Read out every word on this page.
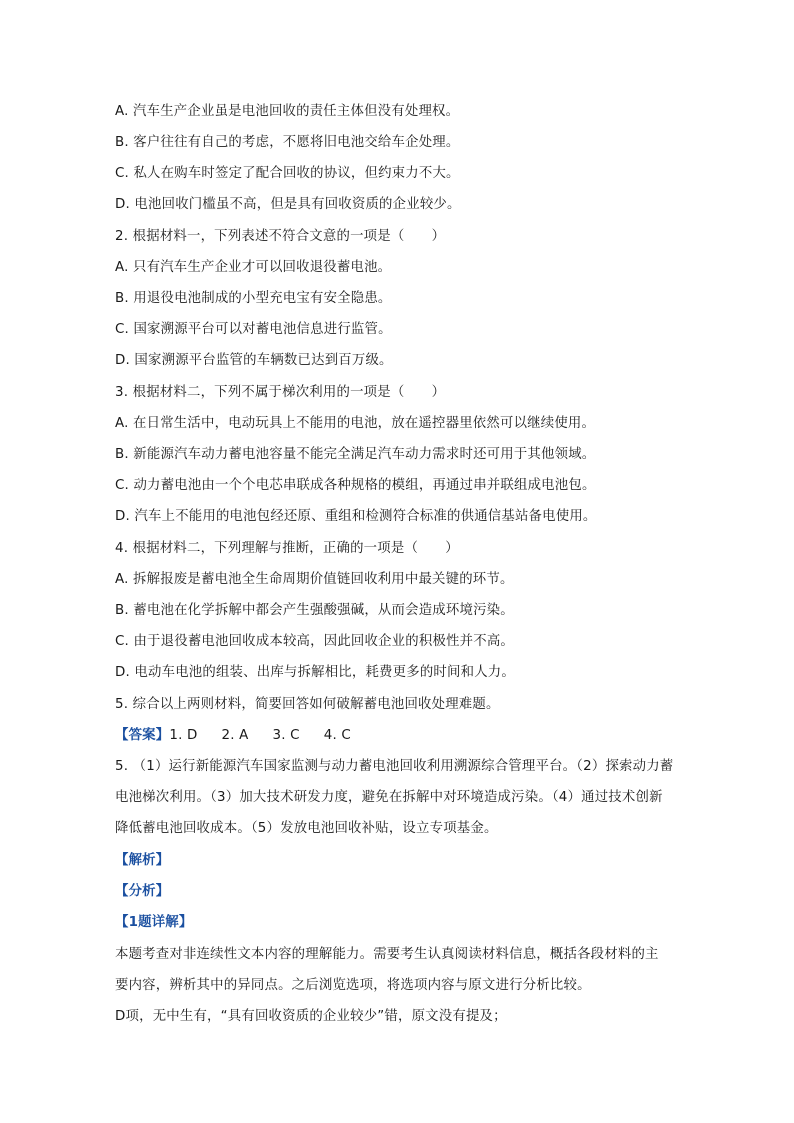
A. 汽车生产企业虽是电池回收的责任主体但没有处理权。
B. 客户往往有自己的考虑，不愿将旧电池交给车企处理。
C. 私人在购车时签定了配合回收的协议，但约束力不大。
D. 电池回收门槛虽不高，但是具有回收资质的企业较少。
2. 根据材料一，下列表述不符合文意的一项是（　　）
A. 只有汽车生产企业才可以回收退役蓄电池。
B. 用退役电池制成的小型充电宝有安全隐患。
C. 国家溯源平台可以对蓄电池信息进行监管。
D. 国家溯源平台监管的车辆数已达到百万级。
3. 根据材料二，下列不属于梯次利用的一项是（　　）
A. 在日常生活中，电动玩具上不能用的电池，放在遥控器里依然可以继续使用。
B. 新能源汽车动力蓄电池容量不能完全满足汽车动力需求时还可用于其他领域。
C. 动力蓄电池由一个个电芯串联成各种规格的模组，再通过串并联组成电池包。
D. 汽车上不能用的电池包经还原、重组和检测符合标准的供通信基站备电使用。
4. 根据材料二，下列理解与推断，正确的一项是（　　）
A. 拆解报废是蓄电池全生命周期价值链回收利用中最关键的环节。
B. 蓄电池在化学拆解中都会产生强酸强碱，从而会造成环境污染。
C. 由于退役蓄电池回收成本较高，因此回收企业的积极性并不高。
D. 电动车电池的组装、出库与拆解相比，耗费更多的时间和人力。
5. 综合以上两则材料，简要回答如何破解蓄电池回收处理难题。
【答案】1. D 2. A 3. C 4. C
5. （1）运行新能源汽车国家监测与动力蓄电池回收利用溯源综合管理平台。（2）探索动力蓄
电池梯次利用。（3）加大技术研发力度，避免在拆解中对环境造成污染。（4）通过技术创新
降低蓄电池回收成本。（5）发放电池回收补贴，设立专项基金。
【解析】
【分析】
【1题详解】
本题考查对非连续性文本内容的理解能力。需要考生认真阅读材料信息，概括各段材料的主
要内容，辨析其中的异同点。之后浏览选项，将选项内容与原文进行分析比较。
D项，无中生有，“具有回收资质的企业较少”错，原文没有提及；
